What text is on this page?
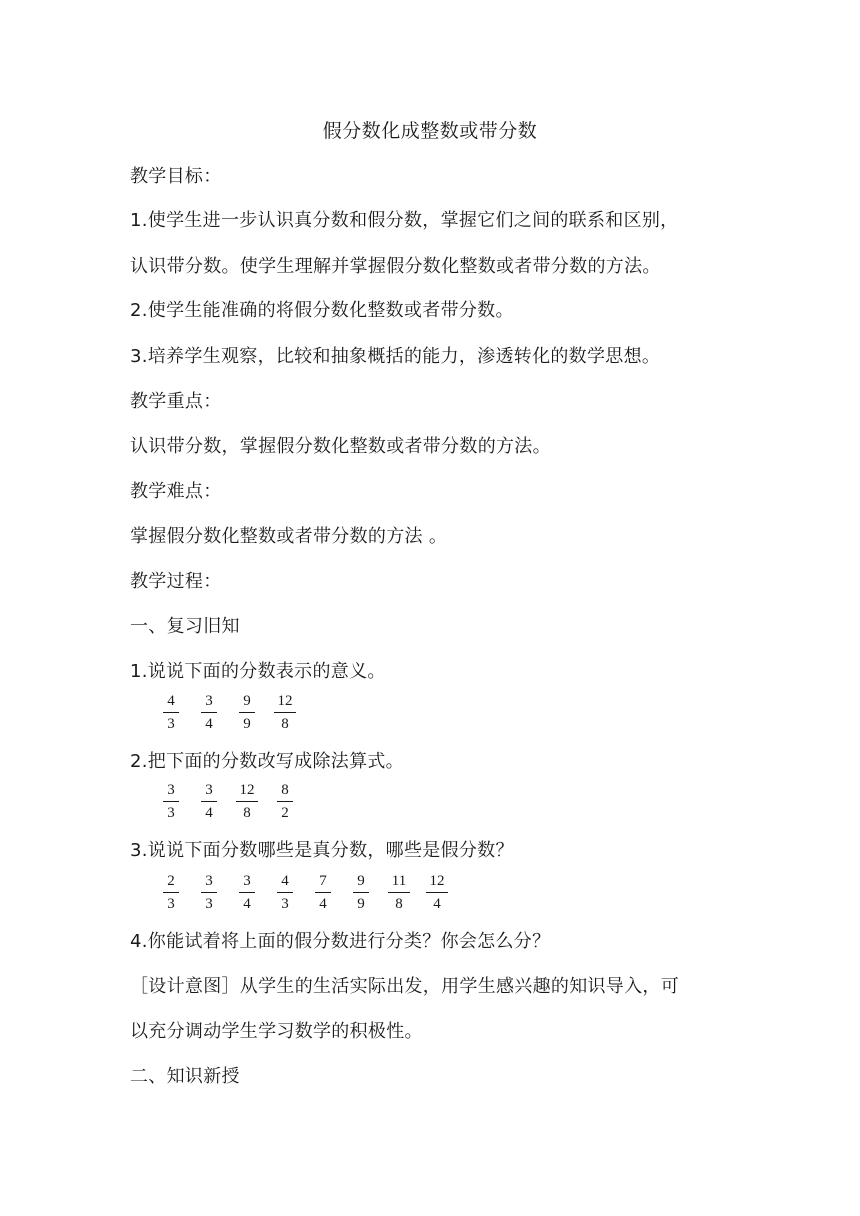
假分数化成整数或带分数
教学目标：
1.使学生进一步认识真分数和假分数，掌握它们之间的联系和区别，
认识带分数。使学生理解并掌握假分数化整数或者带分数的方法。
2.使学生能准确的将假分数化整数或者带分数。
3.培养学生观察，比较和抽象概括的能力，渗透转化的数学思想。
教学重点：
认识带分数，掌握假分数化整数或者带分数的方法。
教学难点：
掌握假分数化整数或者带分数的方法 。
教学过程：
一、复习旧知
1.说说下面的分数表示的意义。
$\frac{4}{3} \frac{3}{4} \frac{9}{9} \frac{12}{8}$
2.把下面的分数改写成除法算式。
$\frac{3}{3} \frac{3}{4} \frac{12}{8} \frac{8}{2}$
3.说说下面分数哪些是真分数，哪些是假分数？
$\frac{2}{3} \frac{3}{3} \frac{3}{4} \frac{4}{3} \frac{7}{4} \frac{9}{9} \frac{11}{8} \frac{12}{4}$
4.你能试着将上面的假分数进行分类？你会怎么分？
［设计意图］从学生的生活实际出发，用学生感兴趣的知识导入，可
以充分调动学生学习数学的积极性。
二、知识新授
